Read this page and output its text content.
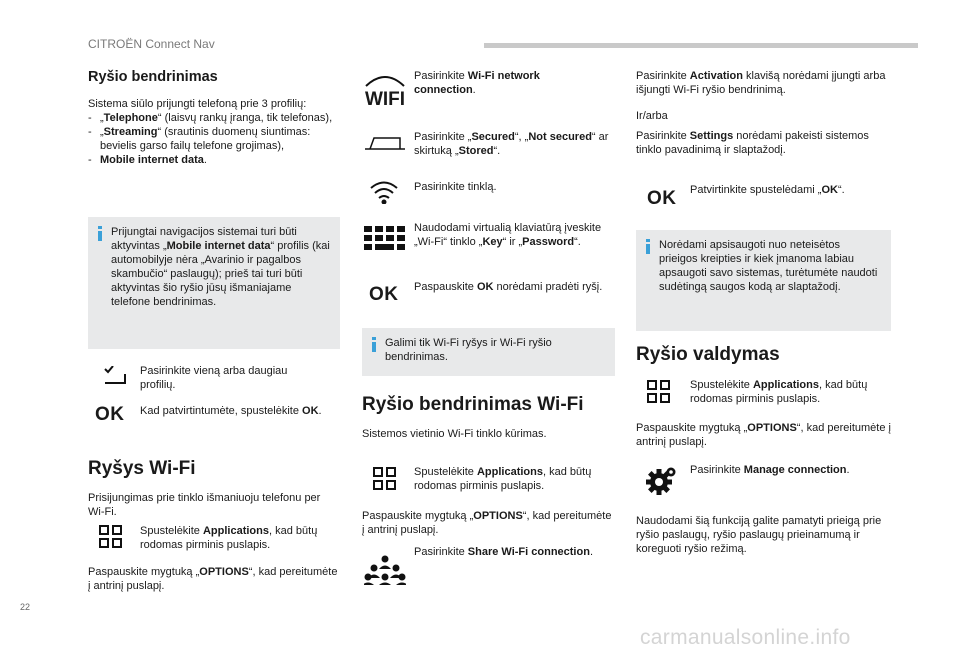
CITROËN Connect Nav
Ryšio bendrinimas
Sistema siūlo prijungti telefoną prie 3 profilių:
- „Telephone“ (laisvų rankų įranga, tik telefonas),
- „Streaming“ (srautinis duomenų siuntimas: bevielis garso failų telefone grojimas),
- Mobile internet data.
Prijungtai navigacijos sistemai turi būti aktyvintas „Mobile internet data“ profilis (kai automobilyje nėra „Avarinio ir pagalbos skambučio“ paslaugų); prieš tai turi būti aktyvintas šio ryšio jūsų išmaniajame telefone bendrinimas.
Pasirinkite vieną arba daugiau profilių.
OK Kad patvirtintumėte, spustelėkite OK.
Ryšys Wi-Fi
Prisijungimas prie tinklo išmaniuoju telefonu per Wi-Fi.
Spustelėkite Applications, kad būtų rodomas pirminis puslapis.
Paspauskite mygtuką „OPTIONS“, kad pereitumėte į antrinį puslapį.
WIFI
Pasirinkite Wi-Fi network connection.
Pasirinkite „Secured“, „Not secured“ ar skirtuką „Stored“.
Pasirinkite tinklą.
Naudodami virtualią klaviatūrą įveskite „Wi-Fi“ tinklo „Key“ ir „Password“.
OK Paspauskite OK norėdami pradėti ryšį.
Galimi tik Wi-Fi ryšys ir Wi-Fi ryšio bendrinimas.
Ryšio bendrinimas Wi-Fi
Sistemos vietinio Wi-Fi tinklo kūrimas.
Spustelėkite Applications, kad būtų rodomas pirminis puslapis.
Paspauskite mygtuką „OPTIONS“, kad pereitumėte į antrinį puslapį.
Pasirinkite Share Wi-Fi connection.
Pasirinkite Activation klavišą norėdami įjungti arba išjungti Wi-Fi ryšio bendrinimą.
Ir/arba
Pasirinkite Settings norėdami pakeisti sistemos tinklo pavadinimą ir slaptažodį.
OK Patvirtinkite spustelėdami „OK“.
Norėdami apsisaugoti nuo neteisėtos prieigos kreipties ir kiek įmanoma labiau apsaugoti savo sistemas, turėtumėte naudoti sudėtingą saugos kodą ar slaptažodį.
Ryšio valdymas
Spustelėkite Applications, kad būtų rodomas pirminis puslapis.
Paspauskite mygtuką „OPTIONS“, kad pereitumėte į antrinį puslapį.
Pasirinkite Manage connection.
Naudodami šią funkciją galite pamatyti prieigą prie ryšio paslaugų, ryšio paslaugų prieinamumą ir koreguoti ryšio režimą.
22
carmanualsonline.info
